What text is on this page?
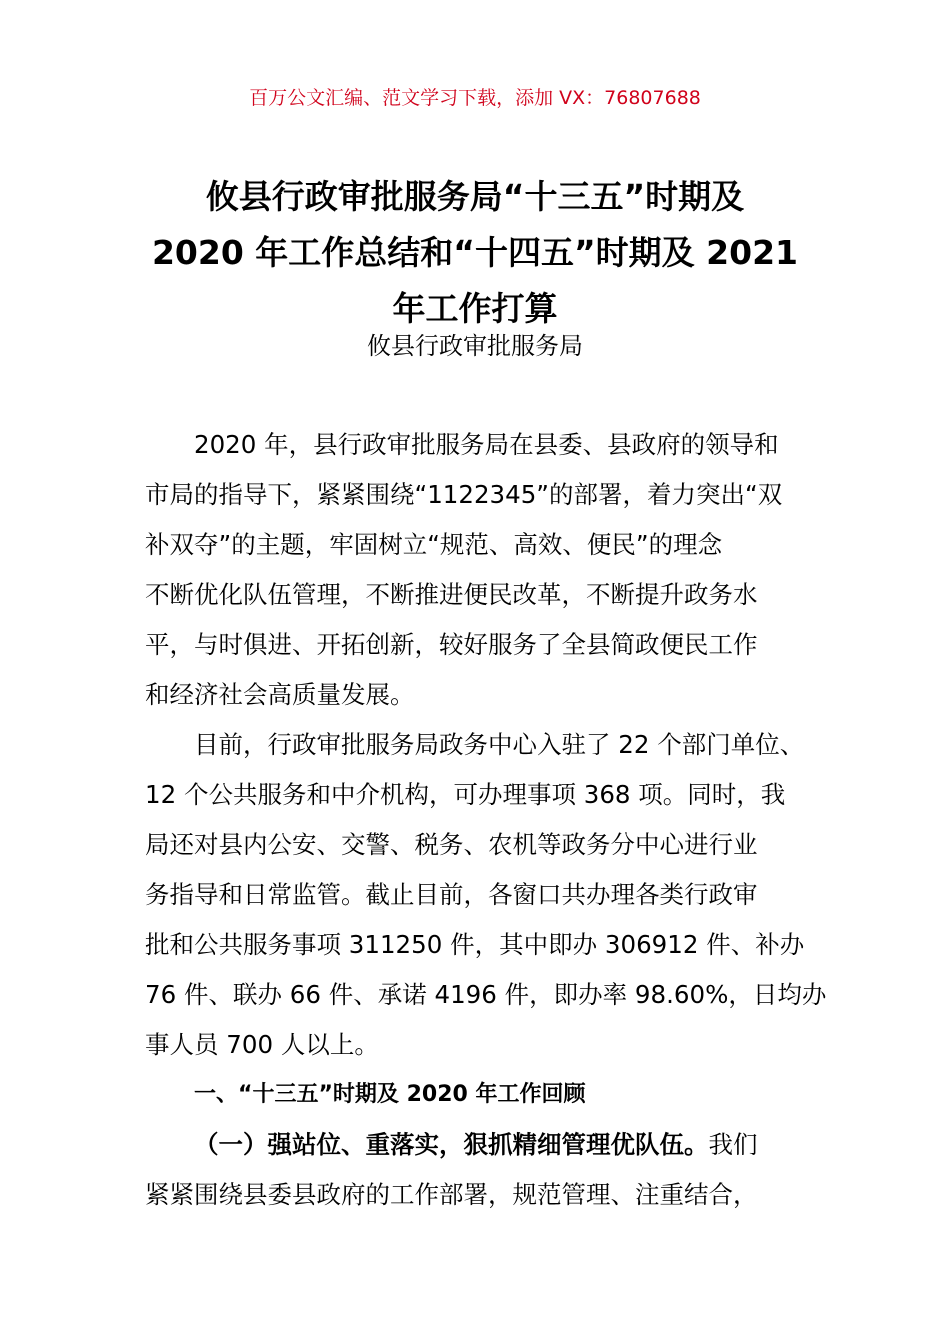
百万公文汇编、范文学习下载，添加 VX：76807688
攸县行政审批服务局“十三五”时期及
2020 年工作总结和“十四五”时期及 2021
年工作打算
攸县行政审批服务局

2020 年，县行政审批服务局在县委、县政府的领导和
市局的指导下，紧紧围绕“1122345”的部署，着力突出“双
补双夺”的主题，牢固树立“规范、高效、便民”的理念
不断优化队伍管理，不断推进便民改革，不断提升政务水
平，与时俱进、开拓创新，较好服务了全县简政便民工作
和经济社会高质量发展。

目前，行政审批服务局政务中心入驻了 22 个部门单位、
12 个公共服务和中介机构，可办理事项 368 项。同时，我
局还对县内公安、交警、税务、农机等政务分中心进行业
务指导和日常监管。截止目前，各窗口共办理各类行政审
批和公共服务事项 311250 件，其中即办 306912 件、补办
76 件、联办 66 件、承诺 4196 件，即办率 98.60%，日均办
事人员 700 人以上。

一、“十三五”时期及 2020 年工作回顾

（一）强站位、重落实，狠抓精细管理优队伍。我们
紧紧围绕县委县政府的工作部署，规范管理、注重结合，
